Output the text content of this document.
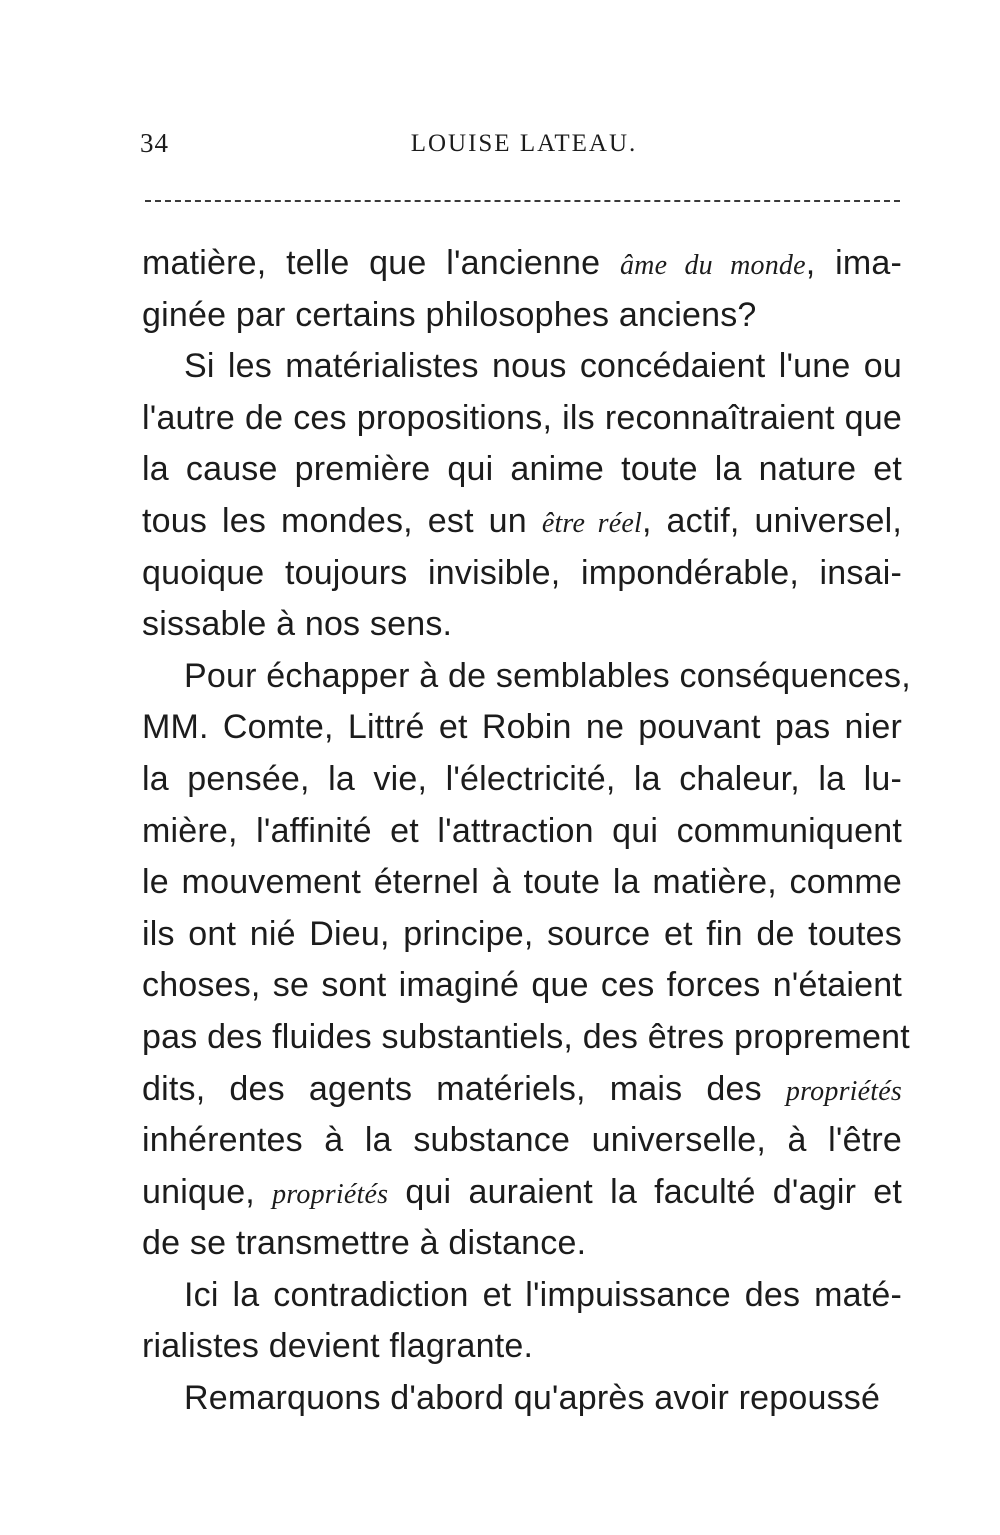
34	LOUISE LATEAU.
matière, telle que l'ancienne âme du monde, ima-
ginée par certains philosophes anciens?
Si les matérialistes nous concédaient l'une ou
l'autre de ces propositions, ils reconnaîtraient que
la cause première qui anime toute la nature et
tous les mondes, est un être réel, actif, universel,
quoique toujours invisible, impondérable, insai-
sissable à nos sens.
Pour échapper à de semblables conséquences,
MM. Comte, Littré et Robin ne pouvant pas nier
la pensée, la vie, l'électricité, la chaleur, la lu-
mière, l'affinité et l'attraction qui communiquent
le mouvement éternel à toute la matière, comme
ils ont nié Dieu, principe, source et fin de toutes
choses, se sont imaginé que ces forces n'étaient
pas des fluides substantiels, des êtres proprement
dits, des agents matériels, mais des propriétés
inhérentes à la substance universelle, à l'être
unique, propriétés qui auraient la faculté d'agir et
de se transmettre à distance.
Ici la contradiction et l'impuissance des maté-
rialistes devient flagrante.
Remarquons d'abord qu'après avoir repoussé
